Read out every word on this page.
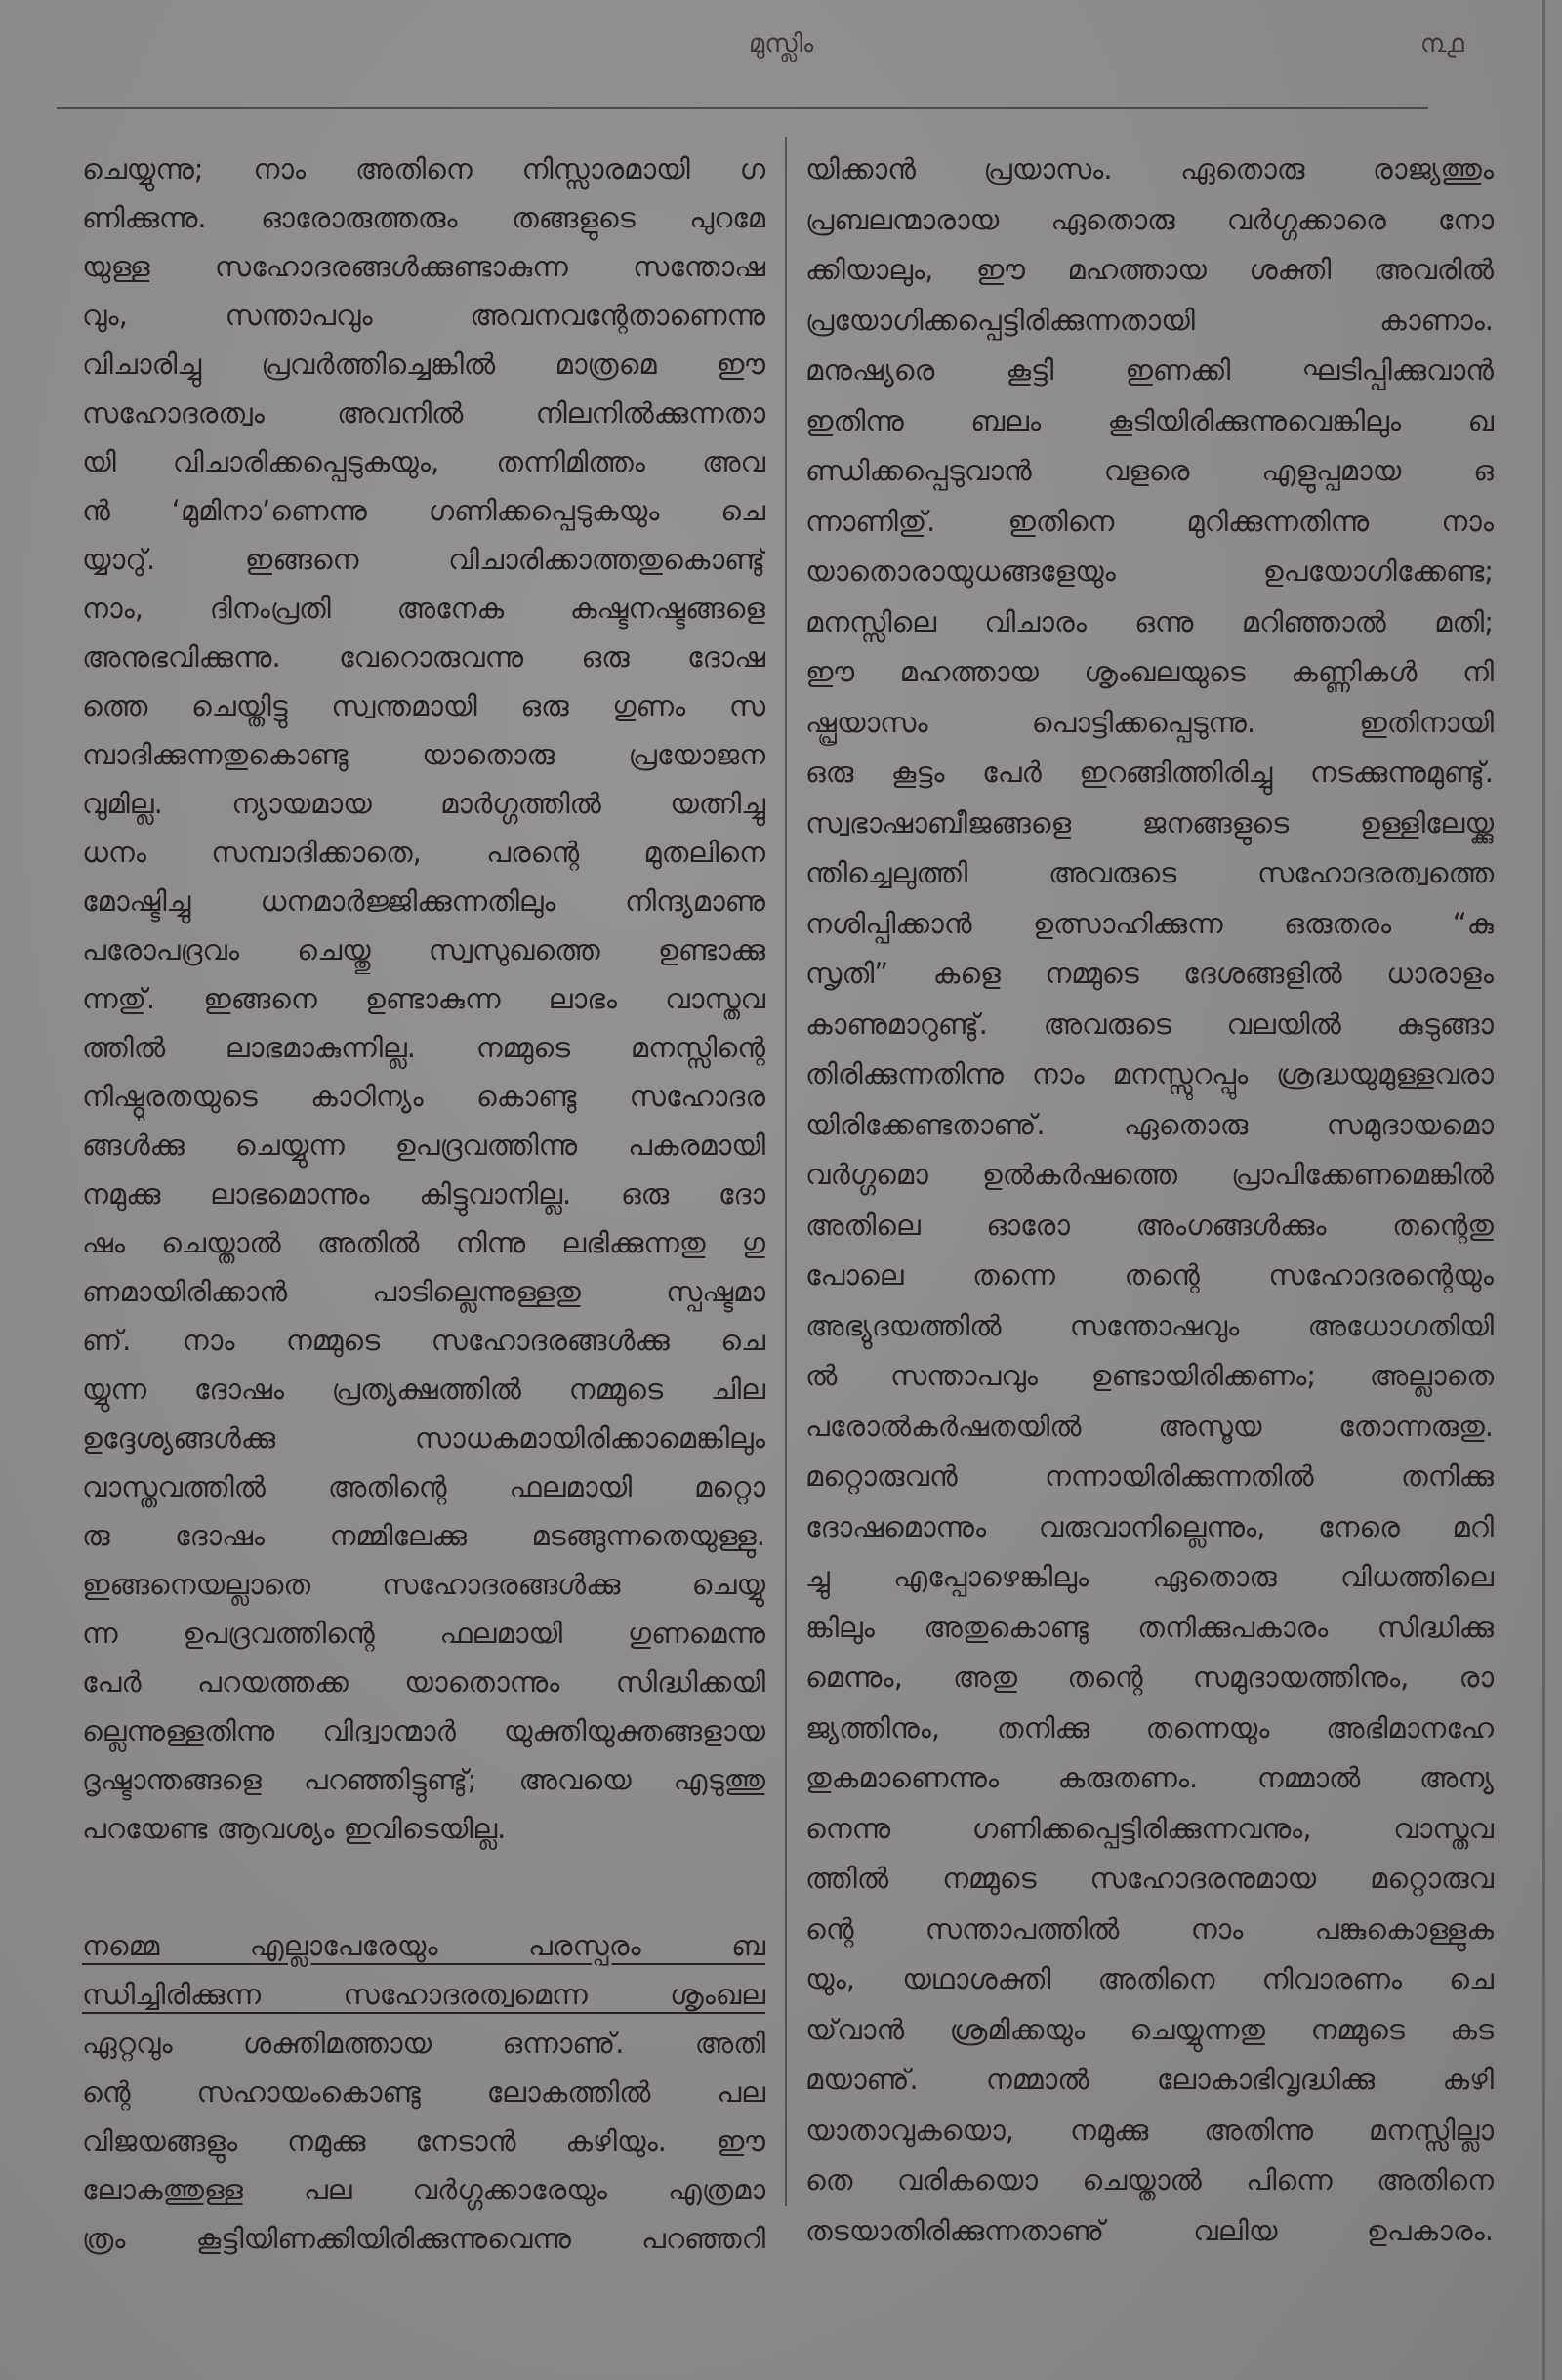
മുസ്ലിം	൩൧
ചെയ്യുന്നു; നാം അതിനെ നിസ്സാരമായി ഗ
ണിക്കുന്നു. ഓരോരുത്തരും തങ്ങളുടെ പുറമേ
യുള്ള സഹോദരങ്ങൾക്കുണ്ടാകുന്ന സന്തോഷ
വും, സന്താപവും അവനവന്റേതാണെന്നു
വിചാരിച്ചു പ്രവർത്തിച്ചെങ്കിൽ മാത്രമെ ഈ
സഹോദരത്വം അവനിൽ നിലനിൽക്കുന്നതാ
യി വിചാരിക്കപ്പെടുകയും, തന്നിമിത്തം അവ
ൻ ‘മുമിനാ’ണെന്നു ഗണിക്കപ്പെടുകയും ചെ
യ്യാറു്. ഇങ്ങനെ വിചാരിക്കാത്തതുകൊണ്ടു്
നാം, ദിനംപ്രതി അനേക കഷ്ടനഷ്ടങ്ങളെ
അനുഭവിക്കുന്നു. വേറൊരുവന്നു ഒരു ദോഷ
ത്തെ ചെയ്തിട്ടു സ്വന്തമായി ഒരു ഗുണം സ
മ്പാദിക്കുന്നതുകൊണ്ടു യാതൊരു പ്രയോജന
വുമില്ല. ന്യായമായ മാർഗ്ഗത്തിൽ യത്നിച്ചു
ധനം സമ്പാദിക്കാതെ, പരന്റെ മുതലിനെ
മോഷ്ടിച്ചു ധനമാർജ്ജിക്കുന്നതിലും നിന്ദ്യമാണു
പരോപദ്രവം ചെയ്തു സ്വസുഖത്തെ ഉണ്ടാക്കു
ന്നതു്. ഇങ്ങനെ ഉണ്ടാകുന്ന ലാഭം വാസ്തവ
ത്തിൽ ലാഭമാകുന്നില്ല. നമ്മുടെ മനസ്സിന്റെ
നിഷ്ഠുരതയുടെ കാഠിന്യം കൊണ്ടു സഹോദര
ങ്ങൾക്കു ചെയ്യുന്ന ഉപദ്രവത്തിന്നു പകരമായി
നമുക്കു ലാഭമൊന്നും കിട്ടുവാനില്ല. ഒരു ദോ
ഷം ചെയ്താൽ അതിൽ നിന്നു ലഭിക്കുന്നതു ഗു
ണമായിരിക്കാൻ പാടില്ലെന്നുള്ളതു സ്പഷ്ടമാ
ണ്. നാം നമ്മുടെ സഹോദരങ്ങൾക്കു ചെ
യ്യുന്ന ദോഷം പ്രത്യക്ഷത്തിൽ നമ്മുടെ ചില
ഉദ്ദേശ്യങ്ങൾക്കു സാധകമായിരിക്കാമെങ്കിലും
വാസ്തവത്തിൽ അതിന്റെ ഫലമായി മറ്റൊ
രു ദോഷം നമ്മിലേക്കു മടങ്ങുന്നതെയുള്ളു.
ഇങ്ങനെയല്ലാതെ സഹോദരങ്ങൾക്കു ചെയ്യു
ന്ന ഉപദ്രവത്തിന്റെ ഫലമായി ഗുണമെന്നു
പേർ പറയത്തക്ക യാതൊന്നും സിദ്ധിക്കയി
ല്ലെന്നുള്ളതിന്നു വിദ്വാന്മാർ യുക്തിയുക്തങ്ങളായ
ദൃഷ്ടാന്തങ്ങളെ പറഞ്ഞിട്ടുണ്ടു്; അവയെ എടുത്തു
പറയേണ്ട ആവശ്യം ഇവിടെയില്ല.
നമ്മെ എല്ലാപേരേയും പരസ്പരം ബ
ന്ധിച്ചിരിക്കുന്ന സഹോദരത്വമെന്ന ശൃംഖല
ഏറ്റവും ശക്തിമത്തായ ഒന്നാണു്. അതി
ന്റെ സഹായംകൊണ്ടു ലോകത്തിൽ പല
വിജയങ്ങളും നമുക്കു നേടാൻ കഴിയും. ഈ
ലോകത്തുള്ള പല വർഗ്ഗക്കാരേയും എത്രമാ
ത്രം കൂട്ടിയിണക്കിയിരിക്കുന്നുവെന്നു പറഞ്ഞറി
യിക്കാൻ പ്രയാസം. ഏതൊരു രാജ്യത്തും
പ്രബലന്മാരായ ഏതൊരു വർഗ്ഗക്കാരെ നോ
ക്കിയാലും, ഈ മഹത്തായ ശക്തി അവരിൽ
പ്രയോഗിക്കപ്പെട്ടിരിക്കുന്നതായി കാണാം.
മനുഷ്യരെ കൂട്ടി ഇണക്കി ഘടിപ്പിക്കുവാൻ
ഇതിന്നു ബലം കൂടിയിരിക്കുന്നുവെങ്കിലും ഖ
ണ്ഡിക്കപ്പെടുവാൻ വളരെ എളുപ്പമായ ഒ
ന്നാണിതു്. ഇതിനെ മുറിക്കുന്നതിന്നു നാം
യാതൊരായുധങ്ങളേയും ഉപയോഗിക്കേണ്ട;
മനസ്സിലെ വിചാരം ഒന്നു മറിഞ്ഞാൽ മതി;
ഈ മഹത്തായ ശൃംഖലയുടെ കണ്ണികൾ നി
ഷ്പ്രയാസം പൊട്ടിക്കപ്പെടുന്നു. ഇതിനായി
ഒരു കൂട്ടം പേർ ഇറങ്ങിത്തിരിച്ചു നടക്കുന്നുമുണ്ടു്.
സ്വഭാഷാബീജങ്ങളെ ജനങ്ങളുടെ ഉള്ളിലേയ്ക്കു
ന്തിച്ചെലുത്തി അവരുടെ സഹോദരത്വത്തെ
നശിപ്പിക്കാൻ ഉത്സാഹിക്കുന്ന ഒരുതരം “കു
സൃതി” കളെ നമ്മുടെ ദേശങ്ങളിൽ ധാരാളം
കാണുമാറുണ്ടു്. അവരുടെ വലയിൽ കുടുങ്ങാ
തിരിക്കുന്നതിന്നു നാം മനസ്സുറപ്പും ശ്രദ്ധയുമുള്ളവരാ
യിരിക്കേണ്ടതാണു്. ഏതൊരു സമുദായമൊ
വർഗ്ഗമൊ ഉൽകർഷത്തെ പ്രാപിക്കേണമെങ്കിൽ
അതിലെ ഓരോ അംഗങ്ങൾക്കും തന്റെതു
പോലെ തന്നെ തന്റെ സഹോദരന്റെയും
അഭ്യുദയത്തിൽ സന്തോഷവും അധോഗതിയി
ൽ സന്താപവും ഉണ്ടായിരിക്കണം; അല്ലാതെ
പരോൽകർഷതയിൽ അസൂയ തോന്നരുതു.
മറ്റൊരുവൻ നന്നായിരിക്കുന്നതിൽ തനിക്കു
ദോഷമൊന്നും വരുവാനില്ലെന്നും, നേരെ മറി
ച്ചു എപ്പോഴെങ്കിലും ഏതൊരു വിധത്തിലെ
ങ്കിലും അതുകൊണ്ടു തനിക്കുപകാരം സിദ്ധിക്കു
മെന്നും, അതു തന്റെ സമുദായത്തിനും, രാ
ജ്യത്തിനും, തനിക്കു തന്നെയും അഭിമാനഹേ
തുകമാണെന്നും കരുതണം. നമ്മാൽ അന്യ
നെന്നു ഗണിക്കപ്പെട്ടിരിക്കുന്നവനും, വാസ്തവ
ത്തിൽ നമ്മുടെ സഹോദരനുമായ മറ്റൊരുവ
ന്റെ സന്താപത്തിൽ നാം പങ്കുകൊള്ളുക
യും, യഥാശക്തി അതിനെ നിവാരണം ചെ
യ്‌വാൻ ശ്രമിക്കയും ചെയ്യുന്നതു നമ്മുടെ കട
മയാണു്. നമ്മാൽ ലോകാഭിവൃദ്ധിക്കു കഴി
യാതാവുകയൊ, നമുക്കു അതിന്നു മനസ്സില്ലാ
തെ വരികയൊ ചെയ്താൽ പിന്നെ അതിനെ
തടയാതിരിക്കുന്നതാണു് വലിയ ഉപകാരം.
